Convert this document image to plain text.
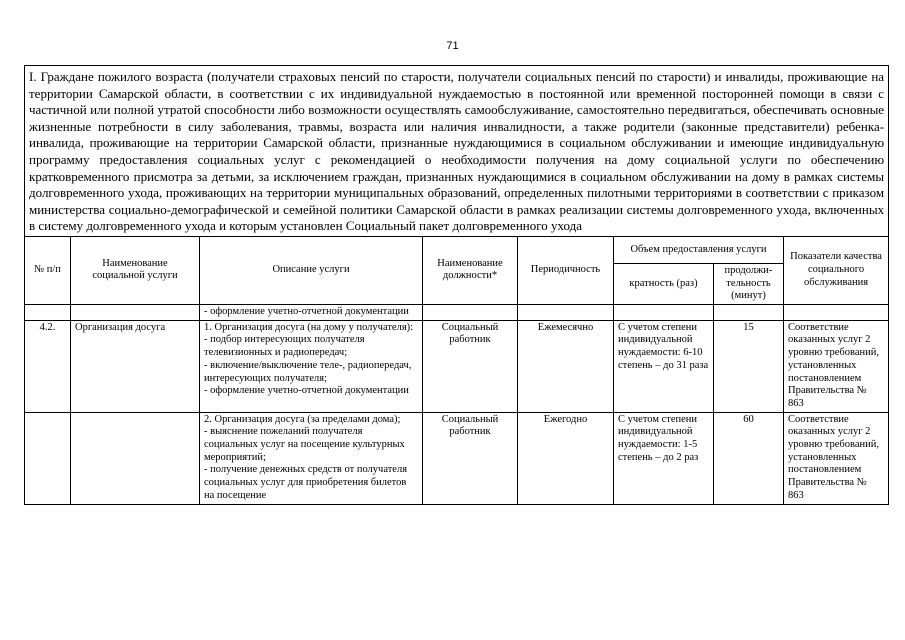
71
I. Граждане пожилого возраста (получатели страховых пенсий по старости, получатели социальных пенсий по старости) и инвалиды, проживающие на территории Самарской области, в соответствии с их индивидуальной нуждаемостью в постоянной или временной посторонней помощи в связи с частичной или полной утратой способности либо возможности осуществлять самообслуживание, самостоятельно передвигаться, обеспечивать основные жизненные потребности в силу заболевания, травмы, возраста или наличия инвалидности, а также родители (законные представители) ребенка-инвалида, проживающие на территории Самарской области, признанные нуждающимися в социальном обслуживании и имеющие индивидуальную программу предоставления социальных услуг с рекомендацией о необходимости получения на дому социальной услуги по обеспечению кратковременного присмотра за детьми, за исключением граждан, признанных нуждающимися в социальном обслуживании на дому в рамках системы долговременного ухода, проживающих на территории муниципальных образований, определенных пилотными территориями в соответствии с приказом министерства социально-демографической и семейной политики Самарской области в рамках реализации системы долговременного ухода, включенных в систему долговременного ухода и которым установлен Социальный пакет долговременного ухода							
№ п/п	Наименование социальной услуги	Описание услуги	Наименование должности*	Периодичность	Объем предоставления услуги		Показатели качества социального обслуживания
					кратность (раз)	продолжи-тельность (минут)	

		- оформление учетно-отчетной документации					

4.2.	Организация досуга	1. Организация досуга (на дому у получателя):
- подбор интересующих получателя телевизионных и радиопередач;
- включение/выключение теле-, радиопередач, интересующих получателя;
- оформление учетно-отчетной документации	Социальный работник	Ежемесячно	С учетом степени индивидуальной нуждаемости: 6-10 степень – до 31 раза	15	Соответствие оказанных услуг 2 уровню требований, установленных постановлением Правительства № 863

		2. Организация досуга (за пределами дома);
- выяснение пожеланий получателя социальных услуг на посещение культурных мероприятий;
- получение денежных средств от получателя социальных услуг для приобретения билетов на посещение	Социальный работник	Ежегодно	С учетом степени индивидуальной нуждаемости: 1-5 степень – до 2 раз	60	Соответствие оказанных услуг 2 уровню требований, установленных постановлением Правительства № 863
